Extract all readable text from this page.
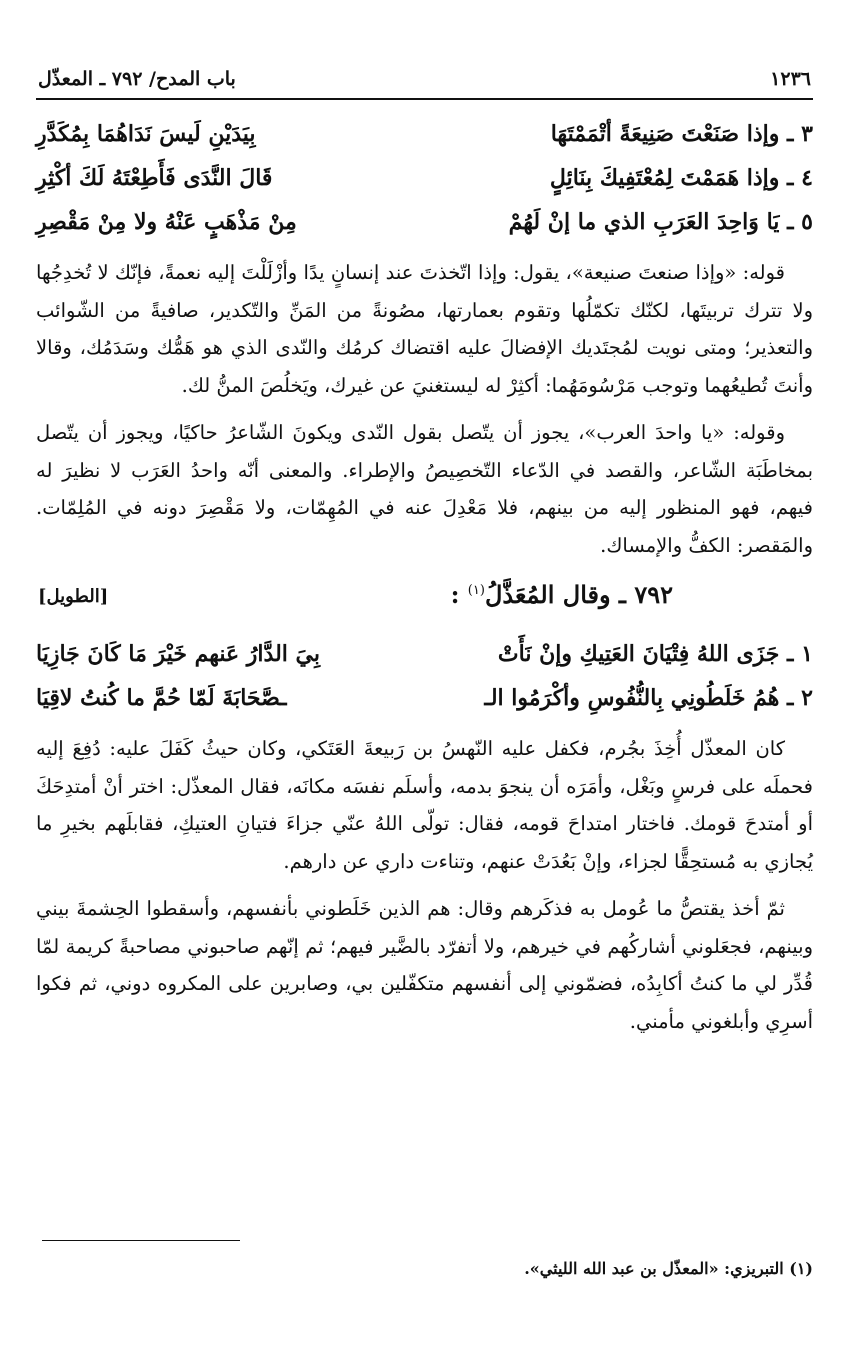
١٢٣٦
باب المدح/ ٧٩٢ ـ المعذّل
٣ ـ وإذا صَنَعْتَ صَنِيعَةً أتْمَمْتَهَا
بِيَدَيْنِ لَيسَ نَدَاهُمَا بِمُكَدَّرِ
٤ ـ وإذا هَمَمْتَ لِمُعْتَفِيكَ بِنَائِلٍ
قَالَ النَّدَى فَأَطِعْتَهُ لَكَ أكْثِرِ
٥ ـ يَا وَاحِدَ العَرَبِ الذي ما إنْ لَهُمْ
مِنْ مَذْهَبٍ عَنْهُ ولا مِنْ مَقْصِرِ

قوله: «وإذا صنعتَ صنيعة»، يقول: وإذا اتّخذتَ عند إنسانٍ يدًا وأزْلَلْتَ إليه نعمةً، فإنّك لا تُخدِجُها ولا تترك تربيتَها، لكنّك تكمّلُها وتقوم بعمارتها، مصُونةً من المَنِّ والتّكدير، صافيةً من الشّوائب والتعذير؛ ومتى نويت لمُجتَديك الإفضالَ عليه اقتضاك كرمُك والنّدى الذي هو هَمُّك وسَدَمُك، وقالا وأنتَ تُطيعُهما وتوجب مَرْسُومَهُما: أكثِرْ له ليستغنيَ عن غيرك، ويَخلُصَ المنُّ لك.

وقوله: «يا واحدَ العرب»، يجوز أن يتّصل بقول النّدى ويكونَ الشّاعرُ حاكيًا، ويجوز أن يتّصل بمخاطَبَة الشّاعر، والقصد في الدّعاء التّخصِيصُ والإطراء. والمعنى أنّه واحدُ العَرَب لا نظيرَ له فيهم، فهو المنظور إليه من بينهم، فلا مَعْدِلَ عنه في المُهِمّات، ولا مَقْصِرَ دونه في المُلِمّات. والمَقصر: الكفُّ والإمساك.

٧٩٢ ـ وقال المُعَذَّلُ$^{(١)}$ :
[الطويل]
١ ـ جَزَى اللهُ فِتْيَانَ العَتِيكِ وإنْ نَأَتْ
بِيَ الدَّارُ عَنهم خَيْرَ مَا كَانَ جَازِيَا
٢ ـ هُمُ خَلَطُونِي بِالنُّفُوسِ وأكْرَمُوا الـ
ـصَّحَابَةَ لَمّا حُمَّ ما كُنتُ لاقِيَا

كان المعذّل أُخِذَ بجُرم، فكفل عليه النّهسُ بن رَبيعةَ العَتَكي، وكان حيثُ كَفَلَ عليه: دُفِعَ إليه فحملَه على فرسٍ وبَغْل، وأمَرَه أن ينجوَ بدمه، وأسلَم نفسَه مكانَه، فقال المعذّل: اختر أنْ أمتدِحَكَ أو أمتدحَ قومك. فاختار امتداحَ قومه، فقال: تولّى اللهُ عنّي جزاءَ فتيانِ العتيكِ، فقابلَهم بخيرِ ما يُجازي به مُستحِقًّا لجزاء، وإنْ بَعُدَتْ عنهم، وتناءت داري عن دارهم.

ثمّ أخذ يقتصُّ ما عُومل به فذكَرهم وقال: هم الذين خَلَطوني بأنفسهم، وأسقطوا الحِشمةَ بيني وبينهم، فجعَلوني أشاركُهم في خيرهم، ولا أتفرّد بالضَّير فيهم؛ ثم إنّهم صاحبوني مصاحبةً كريمة لمّا قُدِّر لي ما كنتُ أكابِدُه، فضمّوني إلى أنفسهم متكفّلين بي، وصابرين على المكروه دوني، ثم فكوا أسرِي وأبلغوني مأمني.

(١) التبريزي: «المعذّل بن عبد الله الليثي».
